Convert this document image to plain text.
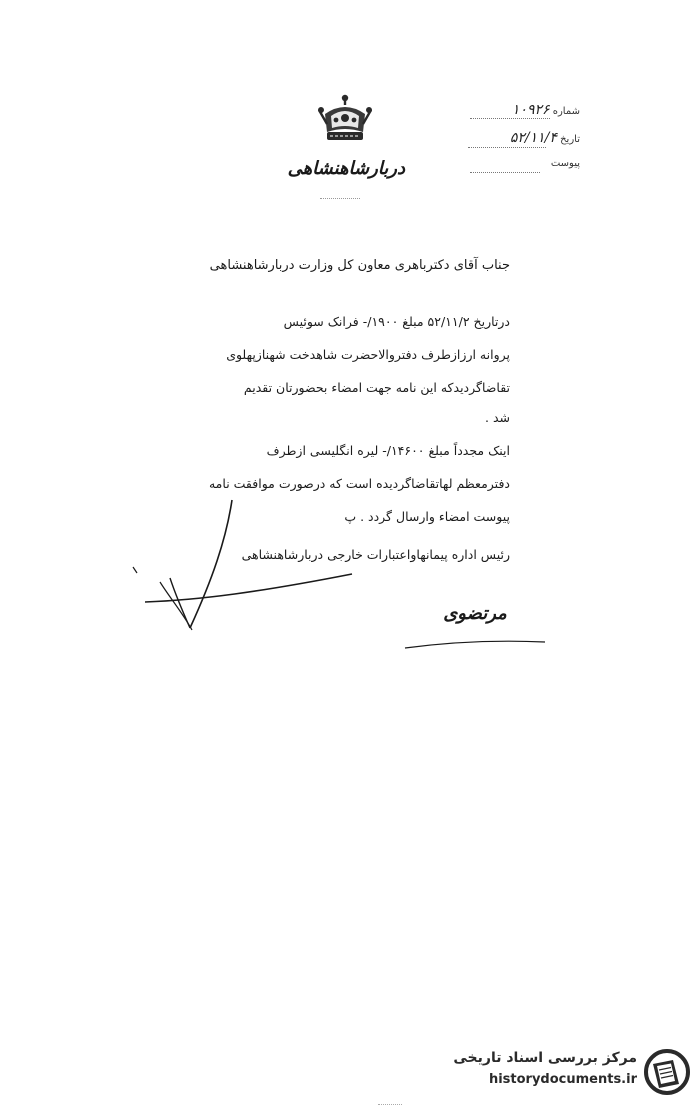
دربارشاهنشاهی
شماره ۱۰۹۲۶
تاریخ ۵۲/۱۱/۴
پیوست
جناب آقای دکترباهری معاون کل وزارت دربارشاهنشاهی
درتاریخ ۵۲/۱۱/۲ مبلغ ۱۹۰۰/- فرانک سوئیس
پروانه ارزازطرف دفتروالاحضرت شاهدخت شهنازپهلوی
تقاضاگردیدکه این نامه جهت امضاء بحضورتان تقدیم
شد .
اینک مجدداً مبلغ ۱۴۶۰۰/- لیره انگلیسی ازطرف
دفترمعظم لهاتقاضاگردیده است که درصورت موافقت نامه
پیوست امضاء وارسال گردد . پ
رئیس اداره پیمانهاواعتبارات خارجی دربارشاهنشاهی
مرتضوی
مرکز بررسی اسناد تاریخی
historydocuments.ir
